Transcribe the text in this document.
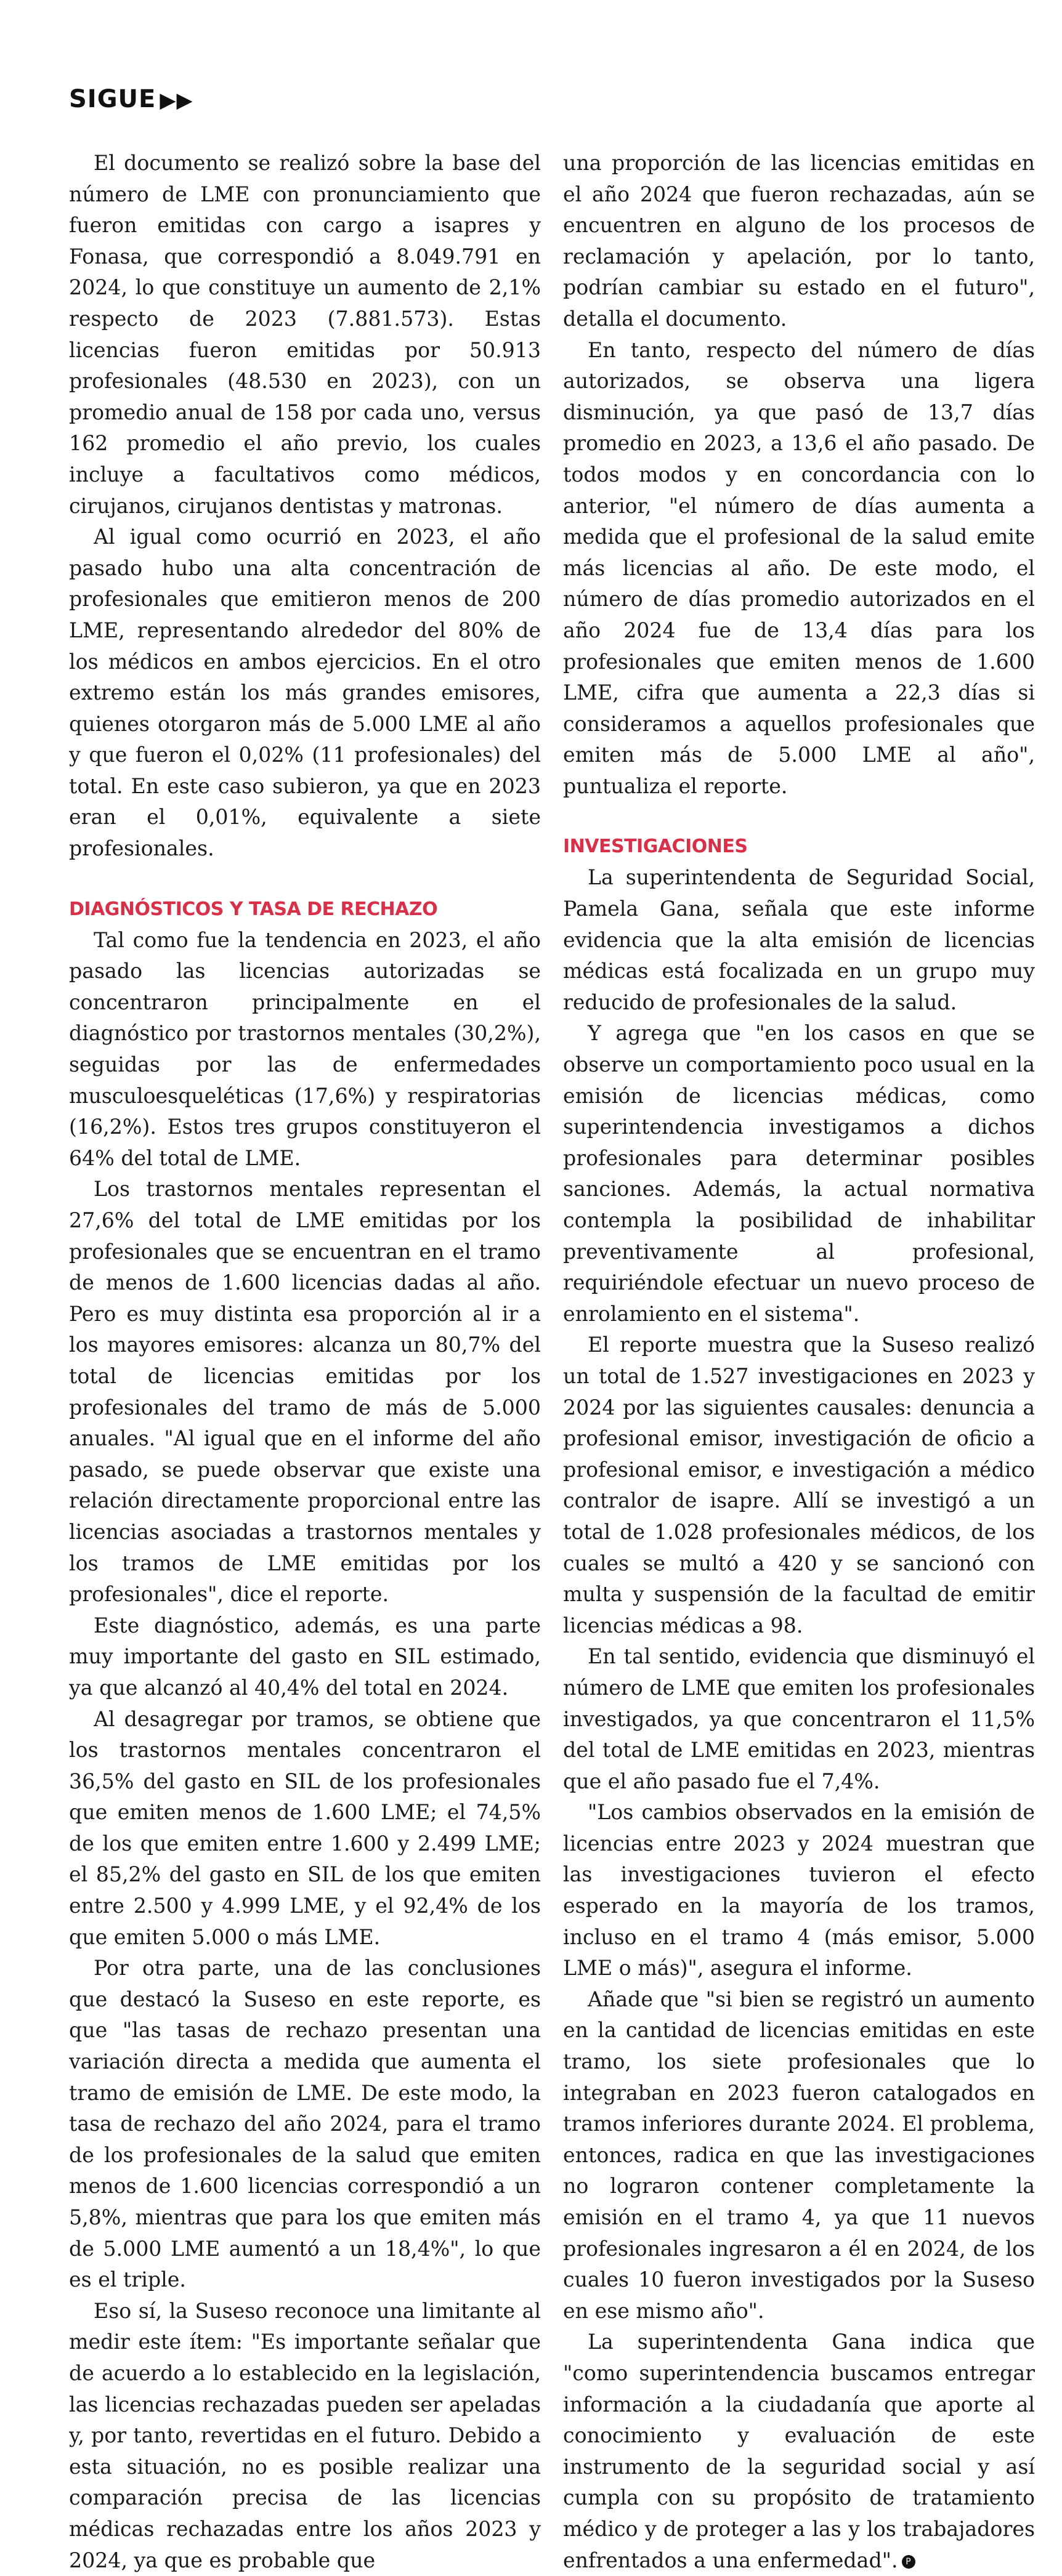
SIGUE ▶▶

El documento se realizó sobre la base del número de LME con pronunciamiento que fueron emitidas con cargo a isapres y Fonasa, que correspondió a 8.049.791 en 2024, lo que constituye un aumento de 2,1% respecto de 2023 (7.881.573). Estas licencias fueron emitidas por 50.913 profesionales (48.530 en 2023), con un promedio anual de 158 por cada uno, versus 162 promedio el año previo, los cuales incluye a facultativos como médicos, cirujanos, cirujanos dentistas y matronas.

Al igual como ocurrió en 2023, el año pasado hubo una alta concentración de profesionales que emitieron menos de 200 LME, representando alrededor del 80% de los médicos en ambos ejercicios. En el otro extremo están los más grandes emisores, quienes otorgaron más de 5.000 LME al año y que fueron el 0,02% (11 profesionales) del total. En este caso subieron, ya que en 2023 eran el 0,01%, equivalente a siete profesionales.

DIAGNÓSTICOS Y TASA DE RECHAZO

Tal como fue la tendencia en 2023, el año pasado las licencias autorizadas se concentraron principalmente en el diagnóstico por trastornos mentales (30,2%), seguidas por las de enfermedades musculoesqueléticas (17,6%) y respiratorias (16,2%). Estos tres grupos constituyeron el 64% del total de LME.

Los trastornos mentales representan el 27,6% del total de LME emitidas por los profesionales que se encuentran en el tramo de menos de 1.600 licencias dadas al año. Pero es muy distinta esa proporción al ir a los mayores emisores: alcanza un 80,7% del total de licencias emitidas por los profesionales del tramo de más de 5.000 anuales. "Al igual que en el informe del año pasado, se puede observar que existe una relación directamente proporcional entre las licencias asociadas a trastornos mentales y los tramos de LME emitidas por los profesionales", dice el reporte.

Este diagnóstico, además, es una parte muy importante del gasto en SIL estimado, ya que alcanzó al 40,4% del total en 2024.

Al desagregar por tramos, se obtiene que los trastornos mentales concentraron el 36,5% del gasto en SIL de los profesionales que emiten menos de 1.600 LME; el 74,5% de los que emiten entre 1.600 y 2.499 LME; el 85,2% del gasto en SIL de los que emiten entre 2.500 y 4.999 LME, y el 92,4% de los que emiten 5.000 o más LME.

Por otra parte, una de las conclusiones que destacó la Suseso en este reporte, es que "las tasas de rechazo presentan una variación directa a medida que aumenta el tramo de emisión de LME. De este modo, la tasa de rechazo del año 2024, para el tramo de los profesionales de la salud que emiten menos de 1.600 licencias correspondió a un 5,8%, mientras que para los que emiten más de 5.000 LME aumentó a un 18,4%", lo que es el triple.

Eso sí, la Suseso reconoce una limitante al medir este ítem: "Es importante señalar que de acuerdo a lo establecido en la legislación, las licencias rechazadas pueden ser apeladas y, por tanto, revertidas en el futuro. Debido a esta situación, no es posible realizar una comparación precisa de las licencias médicas rechazadas entre los años 2023 y 2024, ya que es probable que

una proporción de las licencias emitidas en el año 2024 que fueron rechazadas, aún se encuentren en alguno de los procesos de reclamación y apelación, por lo tanto, podrían cambiar su estado en el futuro", detalla el documento.

En tanto, respecto del número de días autorizados, se observa una ligera disminución, ya que pasó de 13,7 días promedio en 2023, a 13,6 el año pasado. De todos modos y en concordancia con lo anterior, "el número de días aumenta a medida que el profesional de la salud emite más licencias al año. De este modo, el número de días promedio autorizados en el año 2024 fue de 13,4 días para los profesionales que emiten menos de 1.600 LME, cifra que aumenta a 22,3 días si consideramos a aquellos profesionales que emiten más de 5.000 LME al año", puntualiza el reporte.

INVESTIGACIONES

La superintendenta de Seguridad Social, Pamela Gana, señala que este informe evidencia que la alta emisión de licencias médicas está focalizada en un grupo muy reducido de profesionales de la salud.

Y agrega que "en los casos en que se observe un comportamiento poco usual en la emisión de licencias médicas, como superintendencia investigamos a dichos profesionales para determinar posibles sanciones. Además, la actual normativa contempla la posibilidad de inhabilitar preventivamente al profesional, requiriéndole efectuar un nuevo proceso de enrolamiento en el sistema".

El reporte muestra que la Suseso realizó un total de 1.527 investigaciones en 2023 y 2024 por las siguientes causales: denuncia a profesional emisor, investigación de oficio a profesional emisor, e investigación a médico contralor de isapre. Allí se investigó a un total de 1.028 profesionales médicos, de los cuales se multó a 420 y se sancionó con multa y suspensión de la facultad de emitir licencias médicas a 98.

En tal sentido, evidencia que disminuyó el número de LME que emiten los profesionales investigados, ya que concentraron el 11,5% del total de LME emitidas en 2023, mientras que el año pasado fue el 7,4%.

"Los cambios observados en la emisión de licencias entre 2023 y 2024 muestran que las investigaciones tuvieron el efecto esperado en la mayoría de los tramos, incluso en el tramo 4 (más emisor, 5.000 LME o más)", asegura el informe.

Añade que "si bien se registró un aumento en la cantidad de licencias emitidas en este tramo, los siete profesionales que lo integraban en 2023 fueron catalogados en tramos inferiores durante 2024. El problema, entonces, radica en que las investigaciones no lograron contener completamente la emisión en el tramo 4, ya que 11 nuevos profesionales ingresaron a él en 2024, de los cuales 10 fueron investigados por la Suseso en ese mismo año".

La superintendenta Gana indica que "como superintendencia buscamos entregar información a la ciudadanía que aporte al conocimiento y evaluación de este instrumento de la seguridad social y así cumpla con su propósito de tratamiento médico y de proteger a las y los trabajadores enfrentados a una enfermedad". P
